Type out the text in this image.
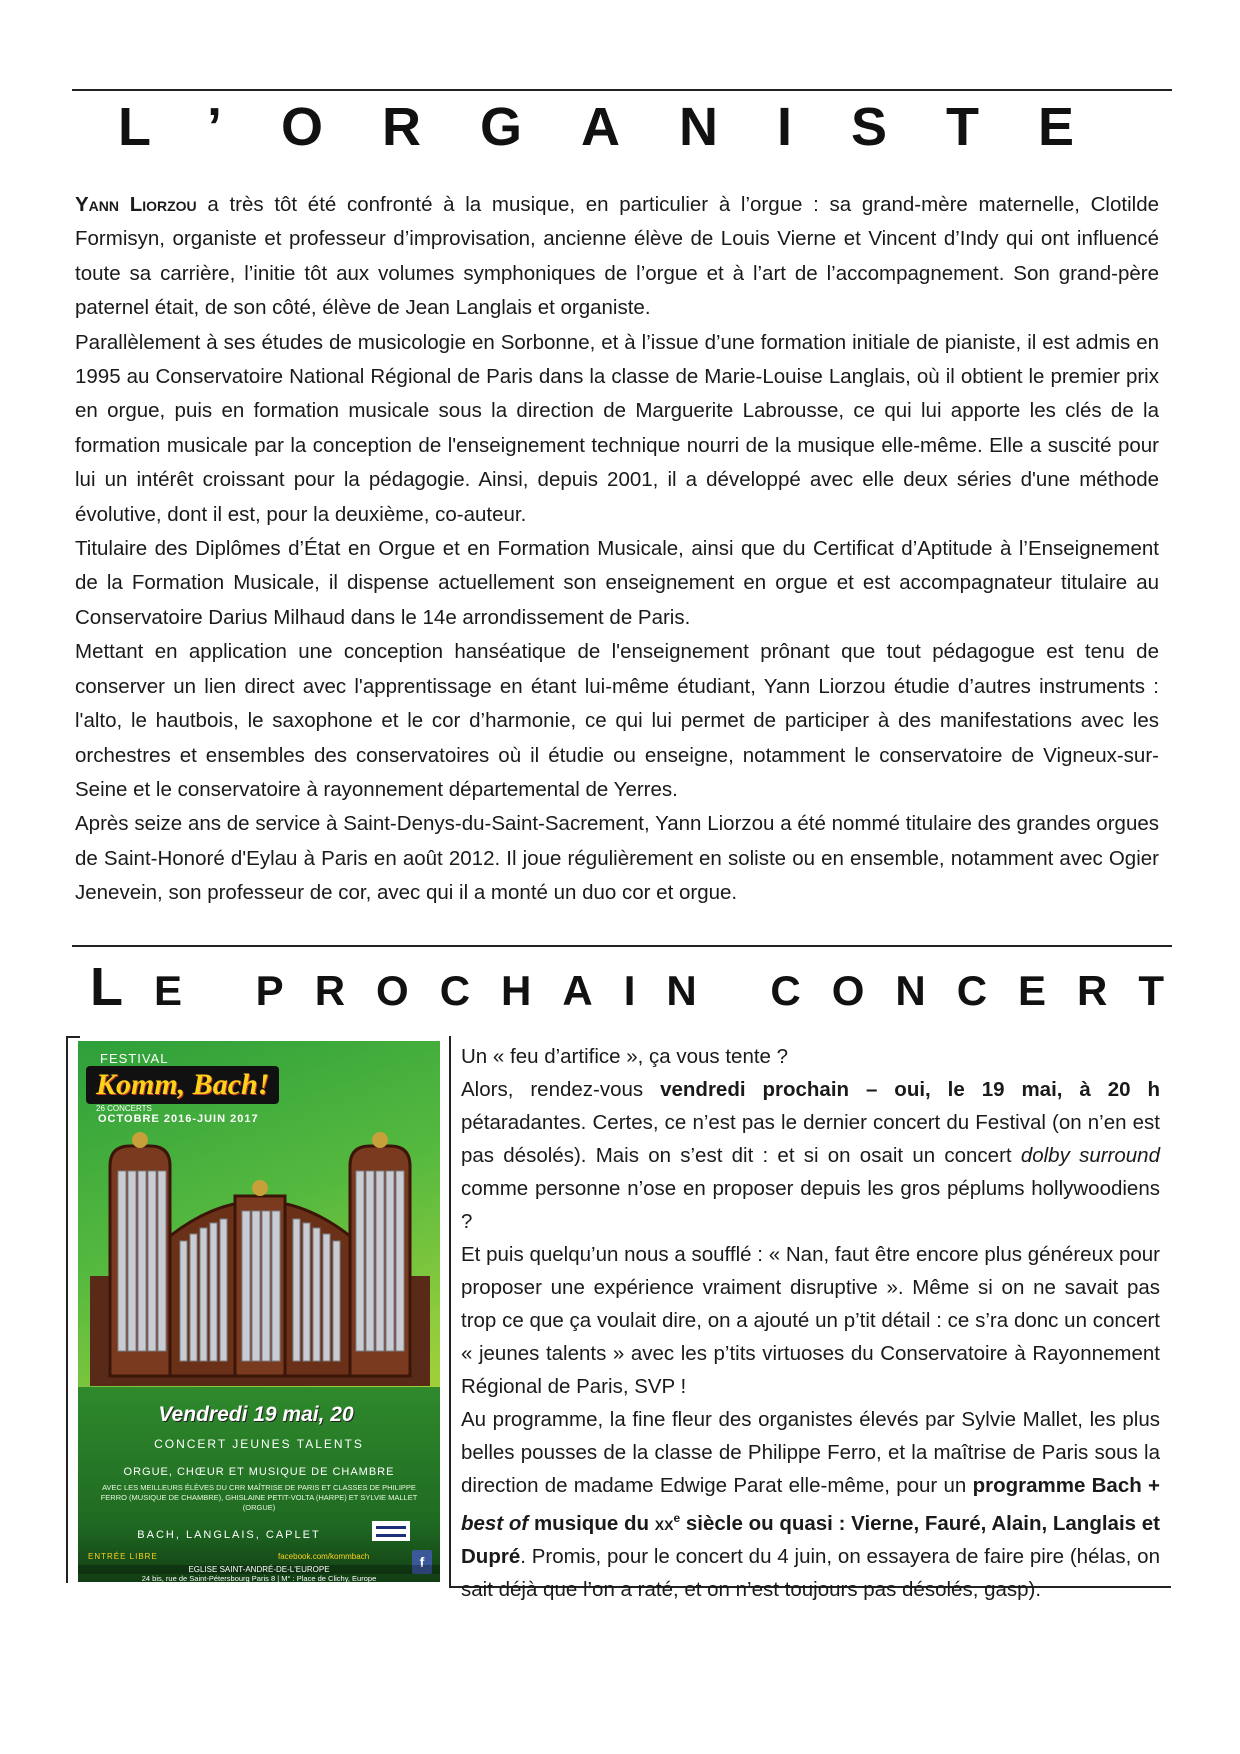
L’ORGANISTE

Yann Liorzou a très tôt été confronté à la musique, en particulier à l’orgue : sa grand-mère maternelle, Clotilde Formisyn, organiste et professeur d’improvisation, ancienne élève de Louis Vierne et Vincent d’Indy qui ont influencé toute sa carrière, l’initie tôt aux volumes symphoniques de l’orgue et à l’art de l’accompagnement. Son grand-père paternel était, de son côté, élève de Jean Langlais et organiste.

Parallèlement à ses études de musicologie en Sorbonne, et à l’issue d’une formation initiale de pianiste, il est admis en 1995 au Conservatoire National Régional de Paris dans la classe de Marie-Louise Langlais, où il obtient le premier prix en orgue, puis en formation musicale sous la direction de Marguerite Labrousse, ce qui lui apporte les clés de la formation musicale par la conception de l'enseignement technique nourri de la musique elle-même. Elle a suscité pour lui un intérêt croissant pour la pédagogie. Ainsi, depuis 2001, il a développé avec elle deux séries d'une méthode évolutive, dont il est, pour la deuxième, co-auteur.

Titulaire des Diplômes d’État en Orgue et en Formation Musicale, ainsi que du Certificat d’Aptitude à l’Enseignement de la Formation Musicale, il dispense actuellement son enseignement en orgue et est accompagnateur titulaire au Conservatoire Darius Milhaud dans le 14e arrondissement de Paris.

Mettant en application une conception hanséatique de l'enseignement prônant que tout pédagogue est tenu de conserver un lien direct avec l'apprentissage en étant lui-même étudiant, Yann Liorzou étudie d’autres instruments : l'alto, le hautbois, le saxophone et le cor d’harmonie, ce qui lui permet de participer à des manifestations avec les orchestres et ensembles des conservatoires où il étudie ou enseigne, notamment le conservatoire de Vigneux-sur-Seine et le conservatoire à rayonnement départemental de Yerres.

Après seize ans de service à Saint-Denys-du-Saint-Sacrement, Yann Liorzou a été nommé titulaire des grandes orgues de Saint-Honoré d'Eylau à Paris en août 2012. Il joue régulièrement en soliste ou en ensemble, notamment avec Ogier Jenevein, son professeur de cor, avec qui il a monté un duo cor et orgue.

LE PROCHAIN CONCERT
FESTIVAL
Komm, Bach!
26 CONCERTS
OCTOBRE 2016-JUIN 2017
Vendredi 19 mai, 20
CONCERT JEUNES TALENTS
ORGUE, CHŒUR ET MUSIQUE DE CHAMBRE
AVEC LES MEILLEURS ÉLÈVES DU CRR MAÎTRISE DE PARIS ET CLASSES DE PHILIPPE FERRO (MUSIQUE DE CHAMBRE), GHISLAINE PETIT-VOLTA (HARPE) ET SYLVIE MALLET (ORGUE)
BACH, LANGLAIS, CAPLET
ENTRÉE LIBRE	facebook.com/kommbach	f
EGLISE SAINT-ANDRÉ-DE-L'EUROPE
24 bis, rue de Saint-Pétersbourg Paris 8 | M° : Place de Clichy, Europe

Un « feu d’artifice », ça vous tente ?

Alors, rendez-vous vendredi prochain – oui, le 19 mai, à 20 h pétaradantes. Certes, ce n’est pas le dernier concert du Festival (on n’en est pas désolés). Mais on s’est dit : et si on osait un concert dolby surround comme personne n’ose en proposer depuis les gros péplums hollywoodiens ?

Et puis quelqu’un nous a soufflé : « Nan, faut être encore plus généreux pour proposer une expérience vraiment disruptive ». Même si on ne savait pas trop ce que ça voulait dire, on a ajouté un p’tit détail : ce s’ra donc un concert « jeunes talents » avec les p’tits virtuoses du Conservatoire à Rayonnement Régional de Paris, SVP !

Au programme, la fine fleur des organistes élevés par Sylvie Mallet, les plus belles pousses de la classe de Philippe Ferro, et la maîtrise de Paris sous la direction de madame Edwige Parat elle-même, pour un programme Bach + best of musique du $xx^e$ siècle ou quasi : Vierne, Fauré, Alain, Langlais et Dupré. Promis, pour le concert du 4 juin, on essayera de faire pire (hélas, on sait déjà que l’on a raté, et on n’est toujours pas désolés, gasp).
